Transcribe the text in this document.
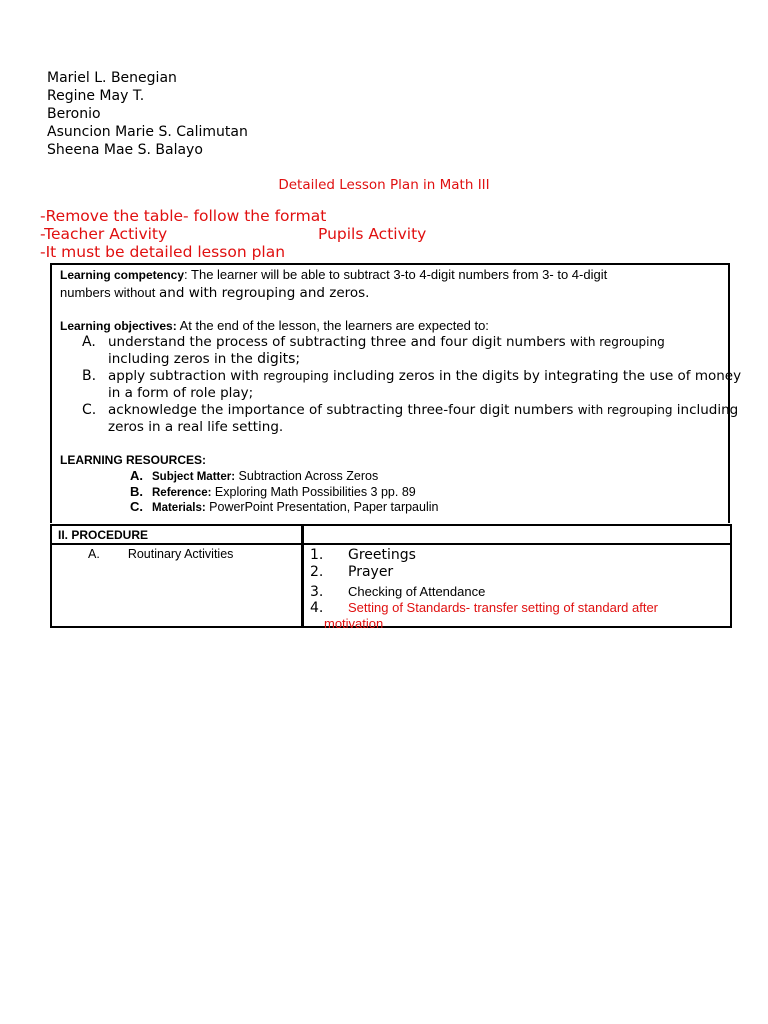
Mariel L. Benegian
Regine May T.
Beronio
Asuncion Marie S. Calimutan
Sheena Mae S. Balayo
Detailed Lesson Plan in Math III
-Remove the table- follow the format
-Teacher Activity	Pupils Activity
-It must be detailed lesson plan
Learning competency: The learner will be able to subtract 3-to 4-digit numbers from 3- to 4-digit
numbers without and with regrouping and zeros.
Learning objectives: At the end of the lesson, the learners are expected to:
A. understand the process of subtracting three and four digit numbers with regrouping
including zeros in the digits;
B. apply subtraction with regrouping including zeros in the digits by integrating the use of money
in a form of role play;
C. acknowledge the importance of subtracting three-four digit numbers with regrouping including
zeros in a real life setting.
LEARNING RESOURCES:
A. Subject Matter: Subtraction Across Zeros
B. Reference: Exploring Math Possibilities 3 pp. 89
C. Materials: PowerPoint Presentation, Paper tarpaulin
II. PROCEDURE
A. Routinary Activities	1. Greetings
2. Prayer
3. Checking of Attendance
4. Setting of Standards- transfer setting of standard after
motivation
